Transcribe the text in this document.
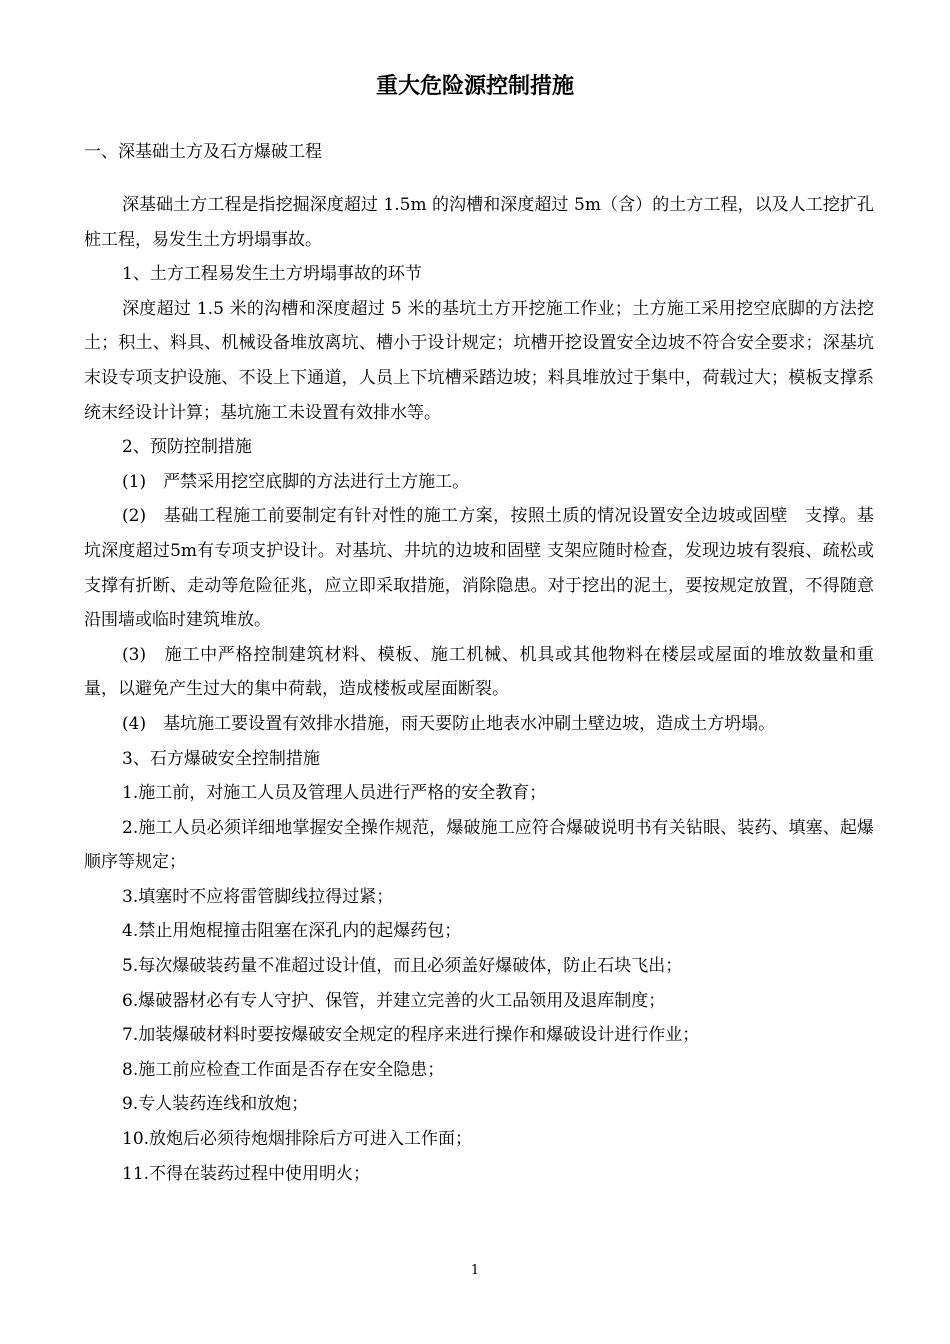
重大危险源控制措施

一、深基础土方及石方爆破工程

深基础土方工程是指挖掘深度超过 1.5m 的沟槽和深度超过 5m（含）的土方工程，以及人工挖扩孔桩工程，易发生土方坍塌事故。

1、土方工程易发生土方坍塌事故的环节

深度超过 1.5 米的沟槽和深度超过 5 米的基坑土方开挖施工作业；土方施工采用挖空底脚的方法挖土；积土、料具、机械设备堆放离坑、槽小于设计规定；坑槽开挖设置安全边坡不符合安全要求；深基坑末设专项支护设施、不设上下通道，人员上下坑槽采踏边坡；料具堆放过于集中，荷载过大；模板支撑系统末经设计计算；基坑施工未设置有效排水等。

2、预防控制措施

(1)　严禁采用挖空底脚的方法进行土方施工。

(2)　基础工程施工前要制定有针对性的施工方案，按照土质的情况设置安全边坡或固壁　支撑。基坑深度超过5m有专项支护设计。对基坑、井坑的边坡和固壁 支架应随时检查，发现边坡有裂痕、疏松或支撑有折断、走动等危险征兆，应立即采取措施，消除隐患。对于挖出的泥土，要按规定放置，不得随意沿围墙或临时建筑堆放。

(3)　施工中严格控制建筑材料、模板、施工机械、机具或其他物料在楼层或屋面的堆放数量和重量，以避免产生过大的集中荷载，造成楼板或屋面断裂。

(4)　基坑施工要设置有效排水措施，雨天要防止地表水冲刷土壁边坡，造成土方坍塌。

3、石方爆破安全控制措施

1.施工前，对施工人员及管理人员进行严格的安全教育；

2.施工人员必须详细地掌握安全操作规范，爆破施工应符合爆破说明书有关钻眼、装药、填塞、起爆顺序等规定；

3.填塞时不应将雷管脚线拉得过紧；

4.禁止用炮棍撞击阻塞在深孔内的起爆药包；

5.每次爆破装药量不准超过设计值，而且必须盖好爆破体，防止石块飞出；

6.爆破器材必有专人守护、保管，并建立完善的火工品领用及退库制度；

7.加装爆破材料时要按爆破安全规定的程序来进行操作和爆破设计进行作业；

8.施工前应检查工作面是否存在安全隐患；

9.专人装药连线和放炮；

10.放炮后必须待炮烟排除后方可进入工作面；

11.不得在装药过程中使用明火；

1
